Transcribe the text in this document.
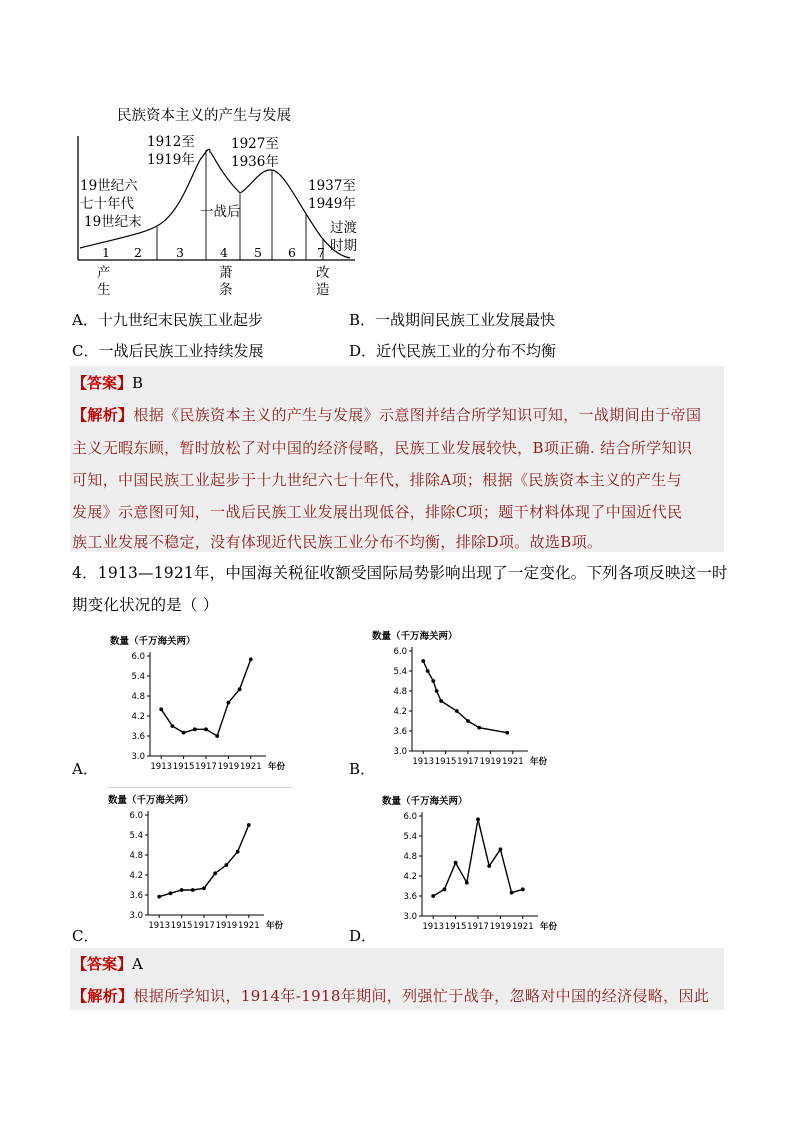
民族资本主义的产生与发展
1912至
1919年
1927至
1936年
19世纪六
七十年代
19世纪末
一战后
1937至
1949年
过渡
时期
1 2	3	4 5 6 7
产
生
萧
条
改
造
A．十九世纪末民族工业起步	B．一战期间民族工业发展最快
C．一战后民族工业持续发展	D．近代民族工业的分布不均衡
【答案】B
【解析】根据《民族资本主义的产生与发展》示意图并结合所学知识可知，一战期间由于帝国
主义无暇东顾，暂时放松了对中国的经济侵略，民族工业发展较快，B项正确. 结合所学知识
可知，中国民族工业起步于十九世纪六七十年代，排除A项；根据《民族资本主义的产生与
发展》示意图可知，一战后民族工业发展出现低谷，排除C项；题干材料体现了中国近代民
族工业发展不稳定，没有体现近代民族工业分布不均衡，排除D项。故选B项。
4．1913—1921年，中国海关税征收额受国际局势影响出现了一定变化。下列各项反映这一时
期变化状况的是（ ）
数量（千万海关两）
3.0
3.6
4.2
4.8
5.4
6.0
1913 1915 1917 1919 1921 年份
数量（千万海关两）
3.0
3.6
4.2
4.8
5.4
6.0
1913 1915 1917 1919 1921 年份
数量（千万海关两）
3.0
3.6
4.2
4.8
5.4
6.0
1913 1915 1917 1919 1921 年份
数量（千万海关两）
3.0
3.6
4.2
4.8
5.4
6.0
1913 1915 1917 1919 1921 年份
A．	B．
C．	D．
【答案】A
【解析】根据所学知识，1914年-1918年期间，列强忙于战争，忽略对中国的经济侵略，因此
